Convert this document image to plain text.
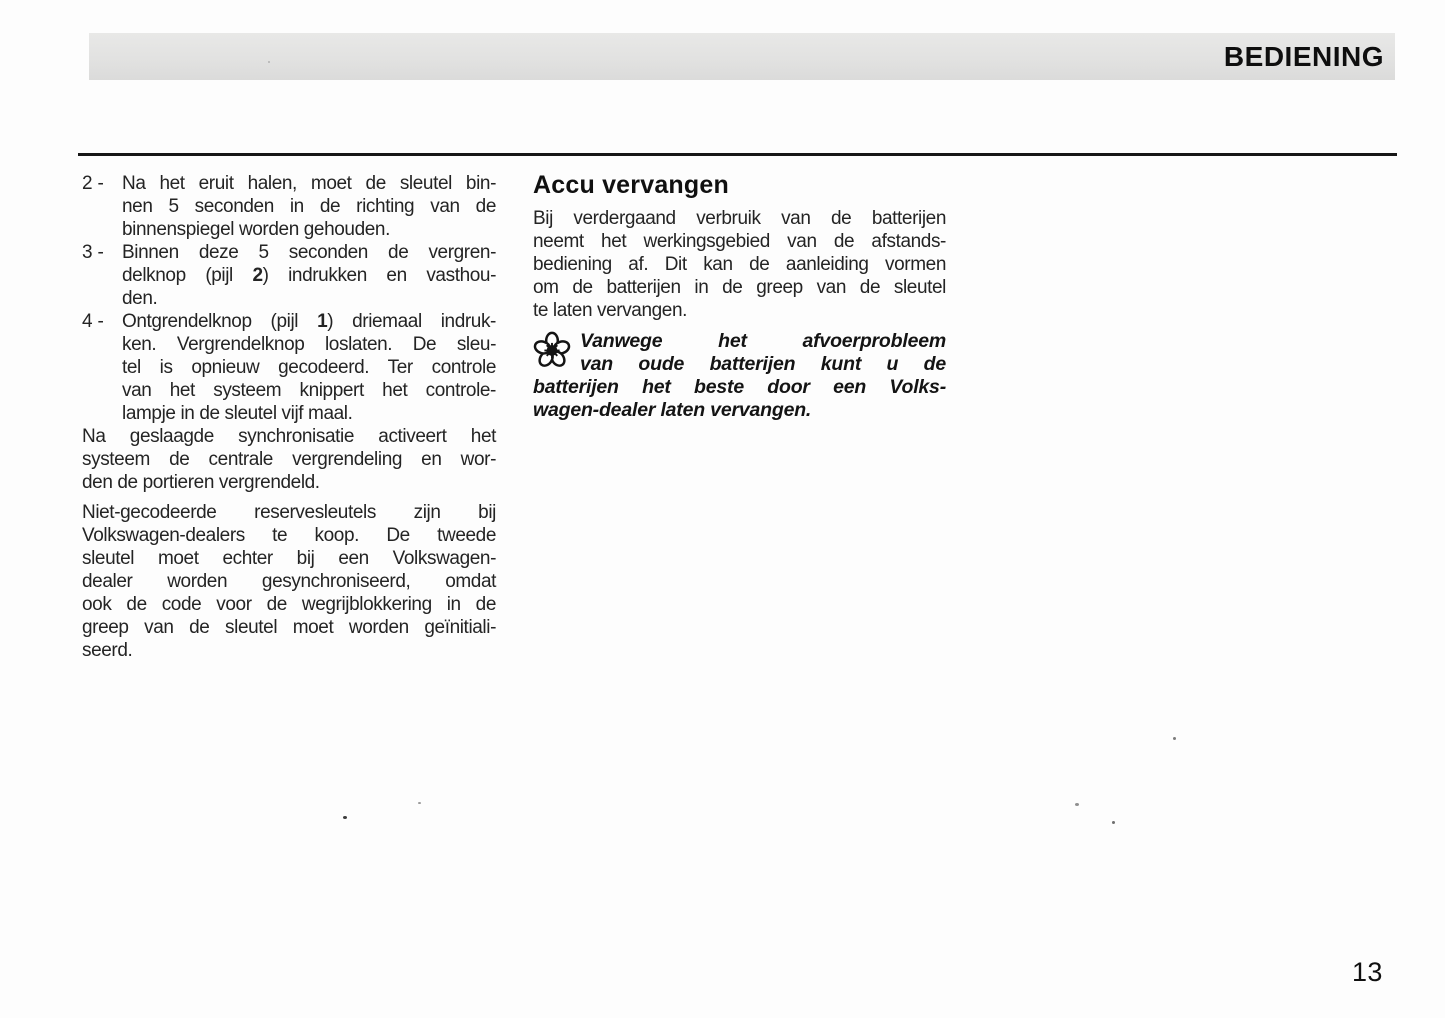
BEDIENING
2 - Na het eruit halen, moet de sleutel bin-
nen 5 seconden in de richting van de
binnenspiegel worden gehouden.
3 - Binnen deze 5 seconden de vergren-
delknop (pijl 2) indrukken en vasthou-
den.
4 - Ontgrendelknop (pijl 1) driemaal indruk-
ken. Vergrendelknop loslaten. De sleu-
tel is opnieuw gecodeerd. Ter controle
van het systeem knippert het controle-
lampje in de sleutel vijf maal.
Na geslaagde synchronisatie activeert het
systeem de centrale vergrendeling en wor-
den de portieren vergrendeld.
Niet-gecodeerde reservesleutels zijn bij
Volkswagen-dealers te koop. De tweede
sleutel moet echter bij een Volkswagen-
dealer worden gesynchroniseerd, omdat
ook de code voor de wegrijblokkering in de
greep van de sleutel moet worden geïnitiali-
seerd.
Accu vervangen
Bij verdergaand verbruik van de batterijen
neemt het werkingsgebied van de afstands-
bediening af. Dit kan de aanleiding vormen
om de batterijen in de greep van de sleutel
te laten vervangen.
Vanwege het afvoerprobleem
van oude batterijen kunt u de
batterijen het beste door een Volks-
wagen-dealer laten vervangen.
13
